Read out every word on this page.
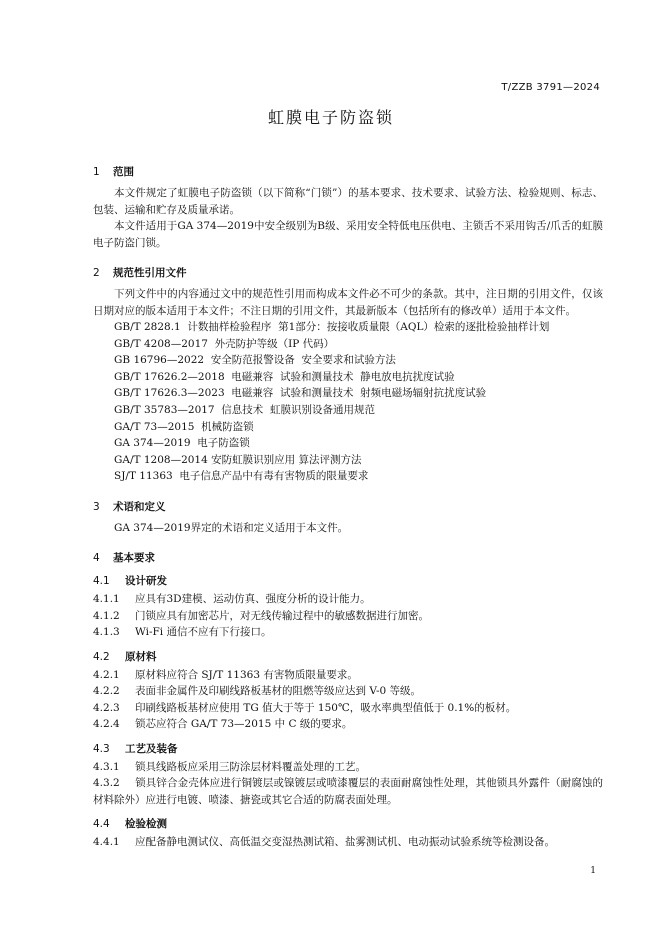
T/ZZB 3791—2024
虹膜电子防盗锁
1 范围
本文件规定了虹膜电子防盗锁（以下简称“门锁”）的基本要求、技术要求、试验方法、检验规则、标志、包装、运输和贮存及质量承诺。
本文件适用于GA 374—2019中安全级别为B级、采用安全特低电压供电、主锁舌不采用钩舌/爪舌的虹膜电子防盗门锁。
2 规范性引用文件
下列文件中的内容通过文中的规范性引用而构成本文件必不可少的条款。其中，注日期的引用文件，仅该日期对应的版本适用于本文件；不注日期的引用文件，其最新版本（包括所有的修改单）适用于本文件。
GB/T 2828.1  计数抽样检验程序  第1部分：按接收质量限（AQL）检索的逐批检验抽样计划
GB/T 4208—2017  外壳防护等级（IP 代码）
GB 16796—2022  安全防范报警设备  安全要求和试验方法
GB/T 17626.2—2018  电磁兼容  试验和测量技术  静电放电抗扰度试验
GB/T 17626.3—2023  电磁兼容  试验和测量技术  射频电磁场辐射抗扰度试验
GB/T 35783—2017  信息技术  虹膜识别设备通用规范
GA/T 73—2015  机械防盗锁
GA 374—2019  电子防盗锁
GA/T 1208—2014 安防虹膜识别应用 算法评测方法
SJ/T 11363  电子信息产品中有毒有害物质的限量要求
3 术语和定义
GA 374—2019界定的术语和定义适用于本文件。
4 基本要求
4.1 设计研发
4.1.1 应具有3D建模、运动仿真、强度分析的设计能力。
4.1.2 门锁应具有加密芯片，对无线传输过程中的敏感数据进行加密。
4.1.3 Wi-Fi 通信不应有下行接口。
4.2 原材料
4.2.1 原材料应符合 SJ/T 11363 有害物质限量要求。
4.2.2 表面非金属件及印刷线路板基材的阻燃等级应达到 V-0 等级。
4.2.3 印刷线路板基材应使用 TG 值大于等于 150℃，吸水率典型值低于 0.1%的板材。
4.2.4 锁芯应符合 GA/T 73—2015 中 C 级的要求。
4.3 工艺及装备
4.3.1 锁具线路板应采用三防涂层材料覆盖处理的工艺。
4.3.2 锁具锌合金壳体应进行铜镀层或镍镀层或喷漆覆层的表面耐腐蚀性处理，其他锁具外露件（耐腐蚀的材料除外）应进行电镀、喷漆、搪瓷或其它合适的防腐表面处理。
4.4 检验检测
4.4.1 应配备静电测试仪、高低温交变湿热测试箱、盐雾测试机、电动振动试验系统等检测设备。
1
